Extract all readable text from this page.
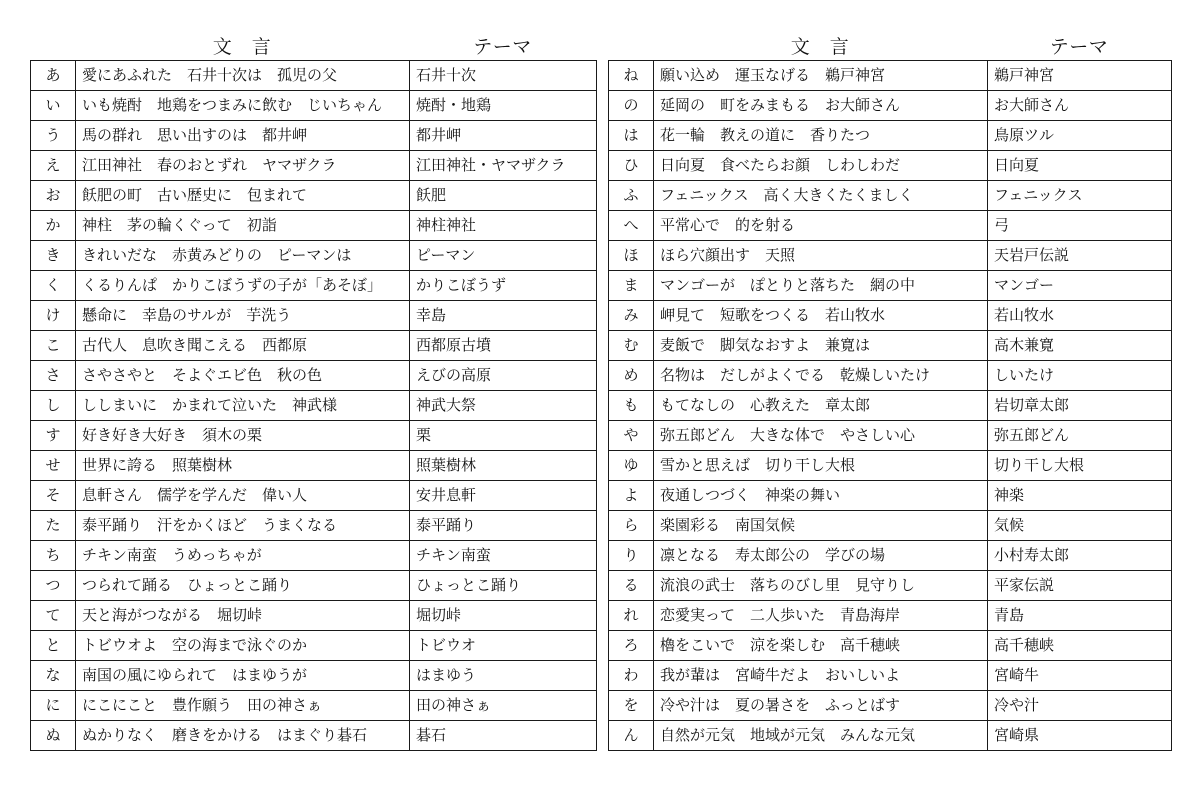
文　言	テーマ
あ	愛にあふれた　石井十次は　孤児の父	石井十次
い	いも焼酎　地鶏をつまみに飲む　じいちゃん	焼酎・地鶏
う	馬の群れ　思い出すのは　都井岬	都井岬
え	江田神社　春のおとずれ　ヤマザクラ	江田神社・ヤマザクラ
お	飫肥の町　古い歴史に　包まれて	飫肥
か	神柱　茅の輪くぐって　初詣	神柱神社
き	きれいだな　赤黄みどりの　ピーマンは	ピーマン
く	くるりんぱ　かりこぼうずの子が「あそぼ」	かりこぼうず
け	懸命に　幸島のサルが　芋洗う	幸島
こ	古代人　息吹き聞こえる　西都原	西都原古墳
さ	さやさやと　そよぐエビ色　秋の色	えびの高原
し	ししまいに　かまれて泣いた　神武様	神武大祭
す	好き好き大好き　須木の栗	栗
せ	世界に誇る　照葉樹林	照葉樹林
そ	息軒さん　儒学を学んだ　偉い人	安井息軒
た	泰平踊り　汗をかくほど　うまくなる	泰平踊り
ち	チキン南蛮　うめっちゃが	チキン南蛮
つ	つられて踊る　ひょっとこ踊り	ひょっとこ踊り
て	天と海がつながる　堀切峠	堀切峠
と	トビウオよ　空の海まで泳ぐのか	トビウオ
な	南国の風にゆられて　はまゆうが	はまゆう
に	にこにこと　豊作願う　田の神さぁ	田の神さぁ
ぬ	ぬかりなく　磨きをかける　はまぐり碁石	碁石
文　言	テーマ
ね	願い込め　運玉なげる　鵜戸神宮	鵜戸神宮
の	延岡の　町をみまもる　お大師さん	お大師さん
は	花一輪　教えの道に　香りたつ	鳥原ツル
ひ	日向夏　食べたらお顔　しわしわだ	日向夏
ふ	フェニックス　高く大きくたくましく	フェニックス
へ	平常心で　的を射る	弓
ほ	ほら穴顔出す　天照	天岩戸伝説
ま	マンゴーが　ぽとりと落ちた　網の中	マンゴー
み	岬見て　短歌をつくる　若山牧水	若山牧水
む	麦飯で　脚気なおすよ　兼寛は	高木兼寛
め	名物は　だしがよくでる　乾燥しいたけ	しいたけ
も	もてなしの　心教えた　章太郎	岩切章太郎
や	弥五郎どん　大きな体で　やさしい心	弥五郎どん
ゆ	雪かと思えば　切り干し大根	切り干し大根
よ	夜通しつづく　神楽の舞い	神楽
ら	楽園彩る　南国気候	気候
り	凛となる　寿太郎公の　学びの場	小村寿太郎
る	流浪の武士　落ちのびし里　見守りし	平家伝説
れ	恋愛実って　二人歩いた　青島海岸	青島
ろ	櫓をこいで　涼を楽しむ　高千穂峡	高千穂峡
わ	我が輩は　宮崎牛だよ　おいしいよ	宮崎牛
を	冷や汁は　夏の暑さを　ふっとばす	冷や汁
ん	自然が元気　地域が元気　みんな元気	宮崎県
